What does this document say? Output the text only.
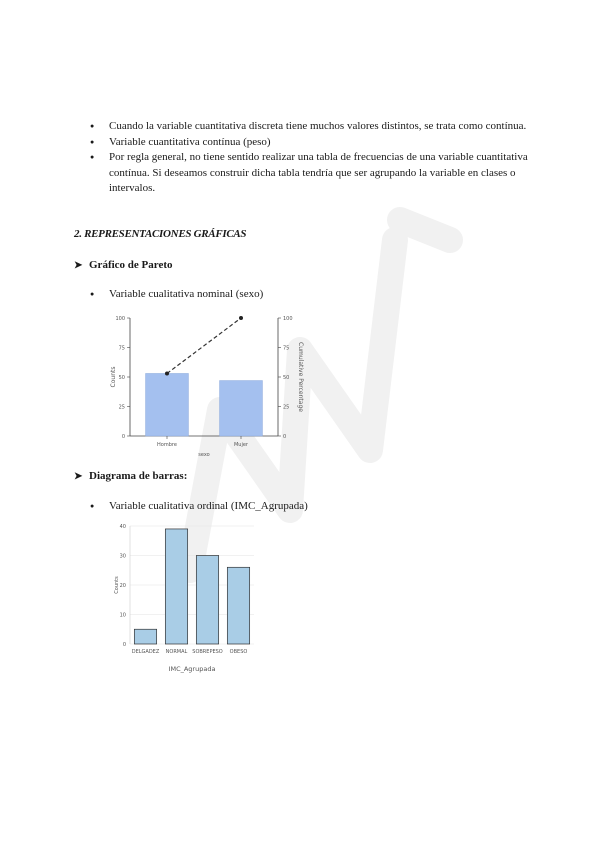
● Cuando la variable cuantitativa discreta tiene muchos valores distintos, se trata como contínua.
● Variable cuantitativa contínua (peso)
● Por regla general, no tiene sentido realizar una tabla de frecuencias de una variable cuantitativa contínua. Si deseamos construir dicha tabla tendría que ser agrupando la variable en clases o intervalos.
2. REPRESENTACIONES GRÁFICAS
➤ Gráfico de Pareto
● Variable cualitativa nominal (sexo)
0
25
50
75
100
0
25
50
75
100
Hombre	Mujer
sexo
Counts	Cumulative Percentage
➤ Diagrama de barras:
● Variable cualitativa ordinal (IMC_Agrupada)
0
10
20
30
40
DELGADEZ NORMAL SOBREPESO OBESO
IMC_Agrupada
Counts
